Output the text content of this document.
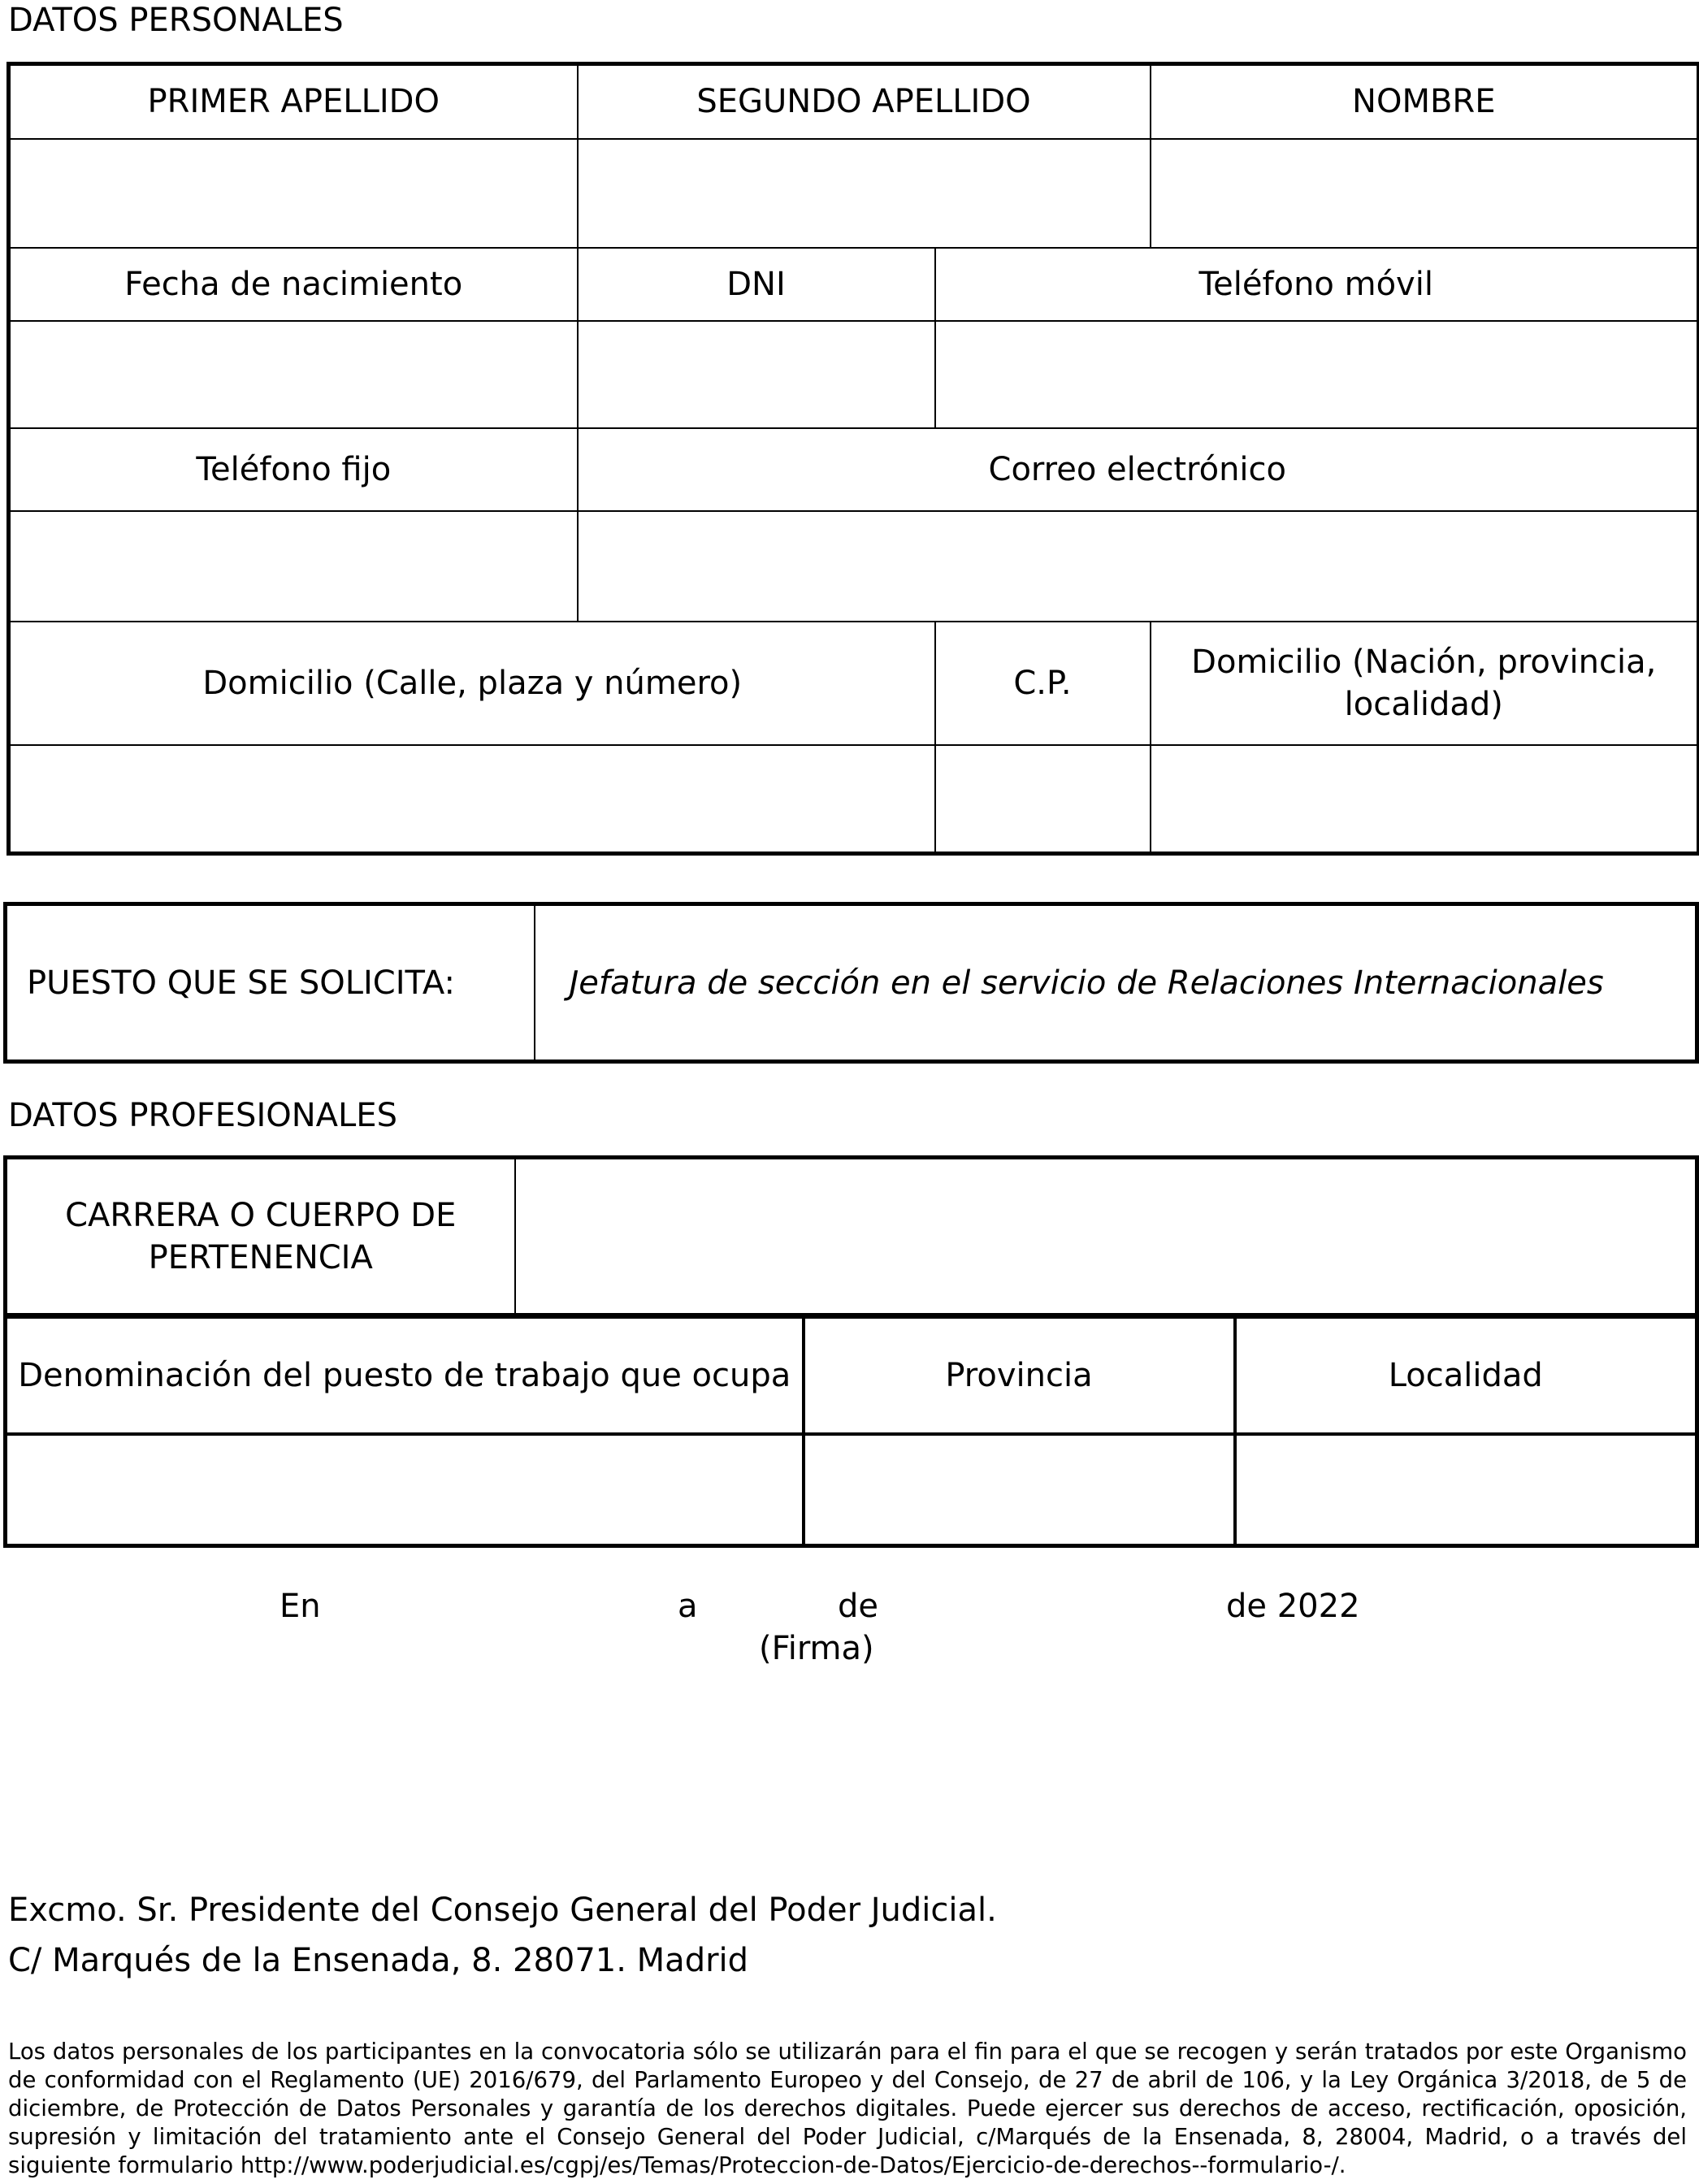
DATOS PERSONALES
PRIMER APELLIDO	SEGUNDO APELLIDO		NOMBRE

Fecha de nacimiento	DNI	Teléfono móvil	

Teléfono fijo	Correo electrónico		

Domicilio (Calle, plaza y número)		C.P.	Domicilio (Nación, provincia, localidad)

PUESTO QUE SE SOLICITA:	Jefatura de sección en el servicio de Relaciones Internacionales
DATOS PROFESIONALES
CARRERA O CUERPO DE PERTENENCIA	
Denominación del puesto de trabajo que ocupa	Provincia	Localidad

En	a	de	de 2022
(Firma)
Excmo. Sr. Presidente del Consejo General del Poder Judicial.
C/ Marqués de la Ensenada, 8. 28071. Madrid
Los datos personales de los participantes en la convocatoria sólo se utilizarán para el fin para el que se recogen y serán tratados por este Organismo de conformidad con el Reglamento (UE) 2016/679, del Parlamento Europeo y del Consejo, de 27 de abril de 106, y la Ley Orgánica 3/2018, de 5 de diciembre, de Protección de Datos Personales y garantía de los derechos digitales. Puede ejercer sus derechos de acceso, rectificación, oposición, supresión y limitación del tratamiento ante el Consejo General del Poder Judicial, c/Marqués de la Ensenada, 8, 28004, Madrid, o a través del siguiente formulario http://www.poderjudicial.es/cgpj/es/Temas/Proteccion-de-Datos/Ejercicio-de-derechos--formulario-/.
